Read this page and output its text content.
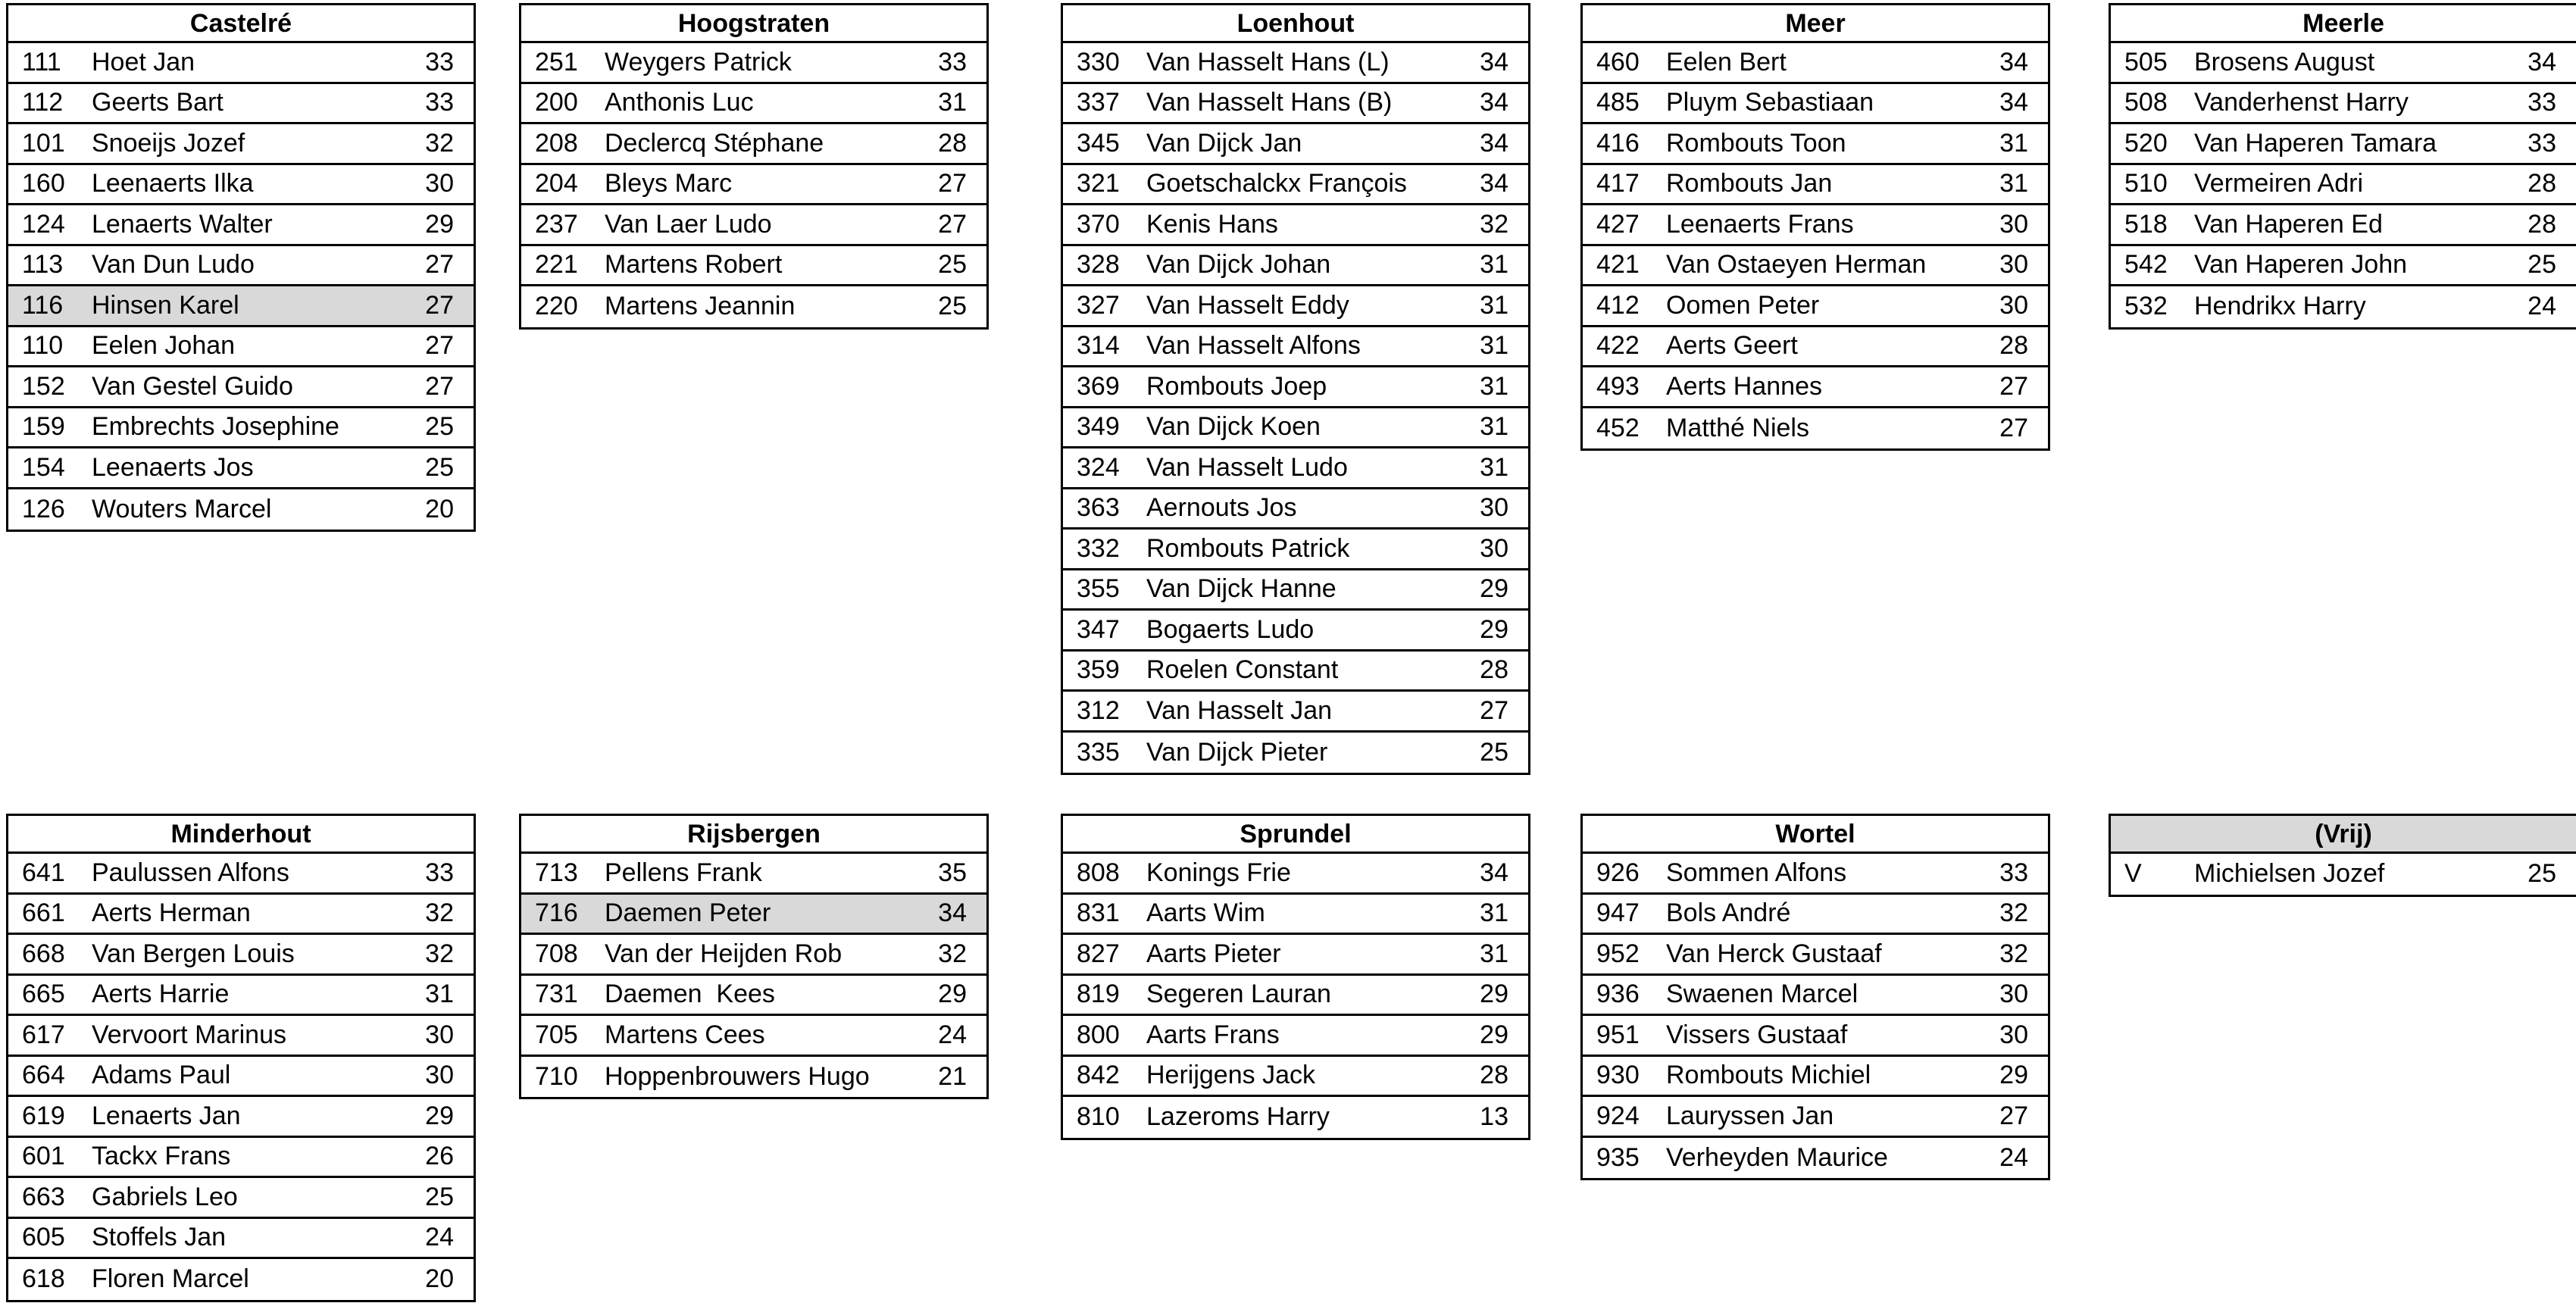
Castelré
111	Hoet Jan	33
112	Geerts Bart	33
101	Snoeijs Jozef	32
160	Leenaerts Ilka	30
124	Lenaerts Walter	29
113	Van Dun Ludo	27
116	Hinsen Karel	27
110	Eelen Johan	27
152	Van Gestel Guido	27
159	Embrechts Josephine	25
154	Leenaerts Jos	25
126	Wouters Marcel	20
Hoogstraten
251	Weygers Patrick	33
200	Anthonis Luc	31
208	Declercq Stéphane	28
204	Bleys Marc	27
237	Van Laer Ludo	27
221	Martens Robert	25
220	Martens Jeannin	25
Loenhout
330	Van Hasselt Hans (L)	34
337	Van Hasselt Hans (B)	34
345	Van Dijck Jan	34
321	Goetschalckx François	34
370	Kenis Hans	32
328	Van Dijck Johan	31
327	Van Hasselt Eddy	31
314	Van Hasselt Alfons	31
369	Rombouts Joep	31
349	Van Dijck Koen	31
324	Van Hasselt Ludo	31
363	Aernouts Jos	30
332	Rombouts Patrick	30
355	Van Dijck Hanne	29
347	Bogaerts Ludo	29
359	Roelen Constant	28
312	Van Hasselt Jan	27
335	Van Dijck Pieter	25
Meer
460	Eelen Bert	34
485	Pluym Sebastiaan	34
416	Rombouts Toon	31
417	Rombouts Jan	31
427	Leenaerts Frans	30
421	Van Ostaeyen Herman	30
412	Oomen Peter	30
422	Aerts Geert	28
493	Aerts Hannes	27
452	Matthé Niels	27
Meerle
505	Brosens August	34
508	Vanderhenst Harry	33
520	Van Haperen Tamara	33
510	Vermeiren Adri	28
518	Van Haperen Ed	28
542	Van Haperen John	25
532	Hendrikx Harry	24
Minderhout
641	Paulussen Alfons	33
661	Aerts Herman	32
668	Van Bergen Louis	32
665	Aerts Harrie	31
617	Vervoort Marinus	30
664	Adams Paul	30
619	Lenaerts Jan	29
601	Tackx Frans	26
663	Gabriels Leo	25
605	Stoffels Jan	24
618	Floren Marcel	20
Rijsbergen
713	Pellens Frank	35
716	Daemen Peter	34
708	Van der Heijden Rob	32
731	Daemen  Kees	29
705	Martens Cees	24
710	Hoppenbrouwers Hugo	21
Sprundel
808	Konings Frie	34
831	Aarts Wim	31
827	Aarts Pieter	31
819	Segeren Lauran	29
800	Aarts Frans	29
842	Herijgens Jack	28
810	Lazeroms Harry	13
Wortel
926	Sommen Alfons	33
947	Bols André	32
952	Van Herck Gustaaf	32
936	Swaenen Marcel	30
951	Vissers Gustaaf	30
930	Rombouts Michiel	29
924	Lauryssen Jan	27
935	Verheyden Maurice	24
(Vrij)
V	Michielsen Jozef	25
